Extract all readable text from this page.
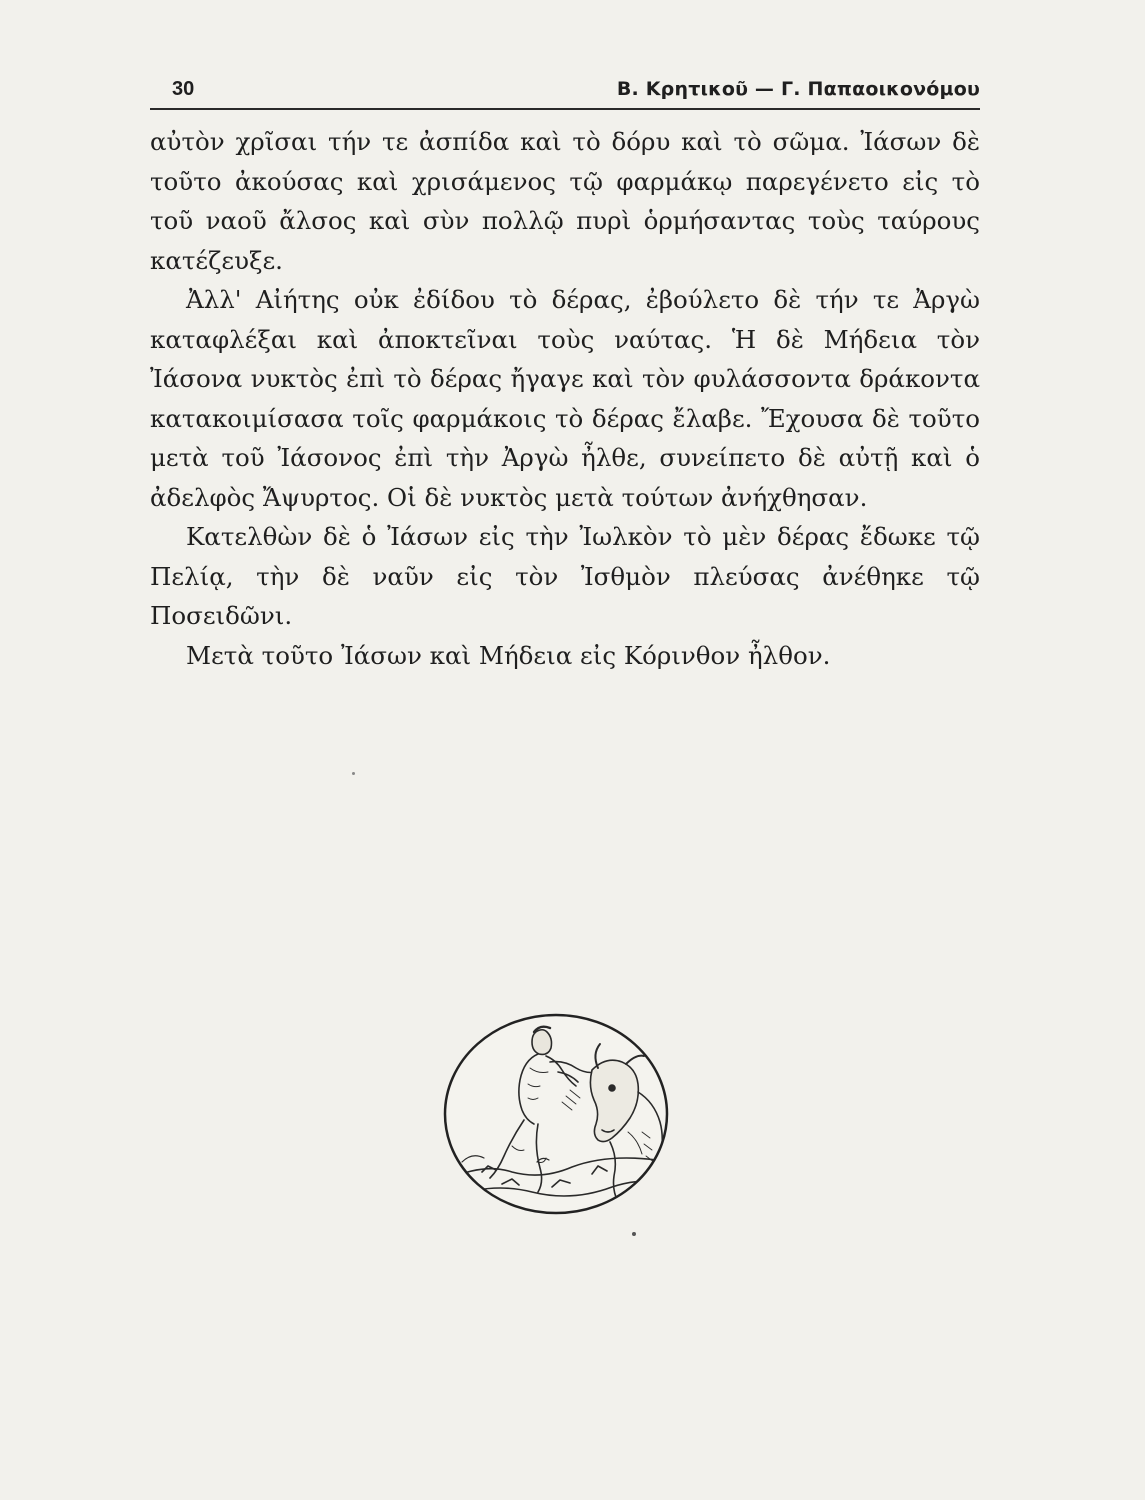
30	Β. Κρητικοῦ — Γ. Παπαοικονόμου

αὐτὸν χρῖσαι τήν τε ἀσπίδα καὶ τὸ δόρυ καὶ τὸ σῶμα. Ἰάσων δὲ τοῦτο ἀκούσας καὶ χρισάμενος τῷ φαρμάκῳ παρεγένετο εἰς τὸ τοῦ ναοῦ ἄλσος καὶ σὺν πολλῷ πυρὶ ὁρμήσαντας τοὺς ταύρους κατέζευξε.

Ἀλλ' Αἰήτης οὐκ ἐδίδου τὸ δέρας, ἐβούλετο δὲ τήν τε Ἀργὼ καταφλέξαι καὶ ἀποκτεῖναι τοὺς ναύτας. Ἡ δὲ Μήδεια τὸν Ἰάσονα νυκτὸς ἐπὶ τὸ δέρας ἤγαγε καὶ τὸν φυλάσσοντα δράκοντα κατακοιμίσασα τοῖς φαρμάκοις τὸ δέρας ἔλαβε. Ἔχουσα δὲ τοῦτο μετὰ τοῦ Ἰάσονος ἐπὶ τὴν Ἀργὼ ἦλθε, συνείπετο δὲ αὐτῇ καὶ ὁ ἀδελφὸς Ἄψυρτος. Οἱ δὲ νυκτὸς μετὰ τούτων ἀνήχθησαν.

Κατελθὼν δὲ ὁ Ἰάσων εἰς τὴν Ἰωλκὸν τὸ μὲν δέρας ἔδωκε τῷ Πελίᾳ, τὴν δὲ ναῦν εἰς τὸν Ἰσθμὸν πλεύσας ἀνέθηκε τῷ Ποσειδῶνι.

Μετὰ τοῦτο Ἰάσων καὶ Μήδεια εἰς Κόρινθον ἦλθον.
